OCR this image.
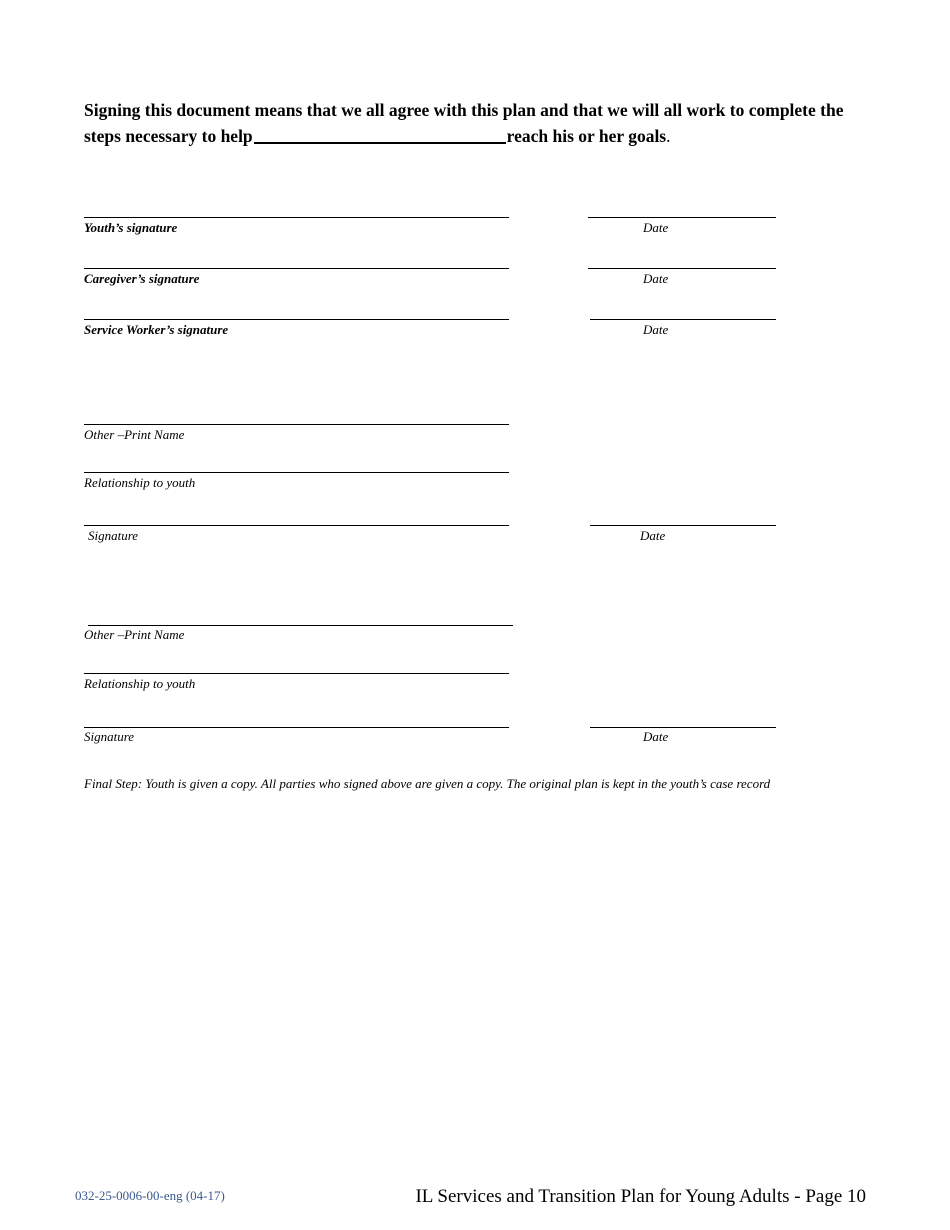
Signing this document means that we all agree with this plan and that we will all work to complete the steps necessary to help	reach his or her goals.

Youth’s signature	Date
Caregiver’s signature	Date
Service Worker’s signature	Date
Other –Print Name
Relationship to youth
Signature	Date
Other –Print Name
Relationship to youth
Signature	Date

Final Step: Youth is given a copy. All parties who signed above are given a copy. The original plan is kept in the youth’s case record

032-25-0006-00-eng (04-17)	IL Services and Transition Plan for Young Adults - Page 10
